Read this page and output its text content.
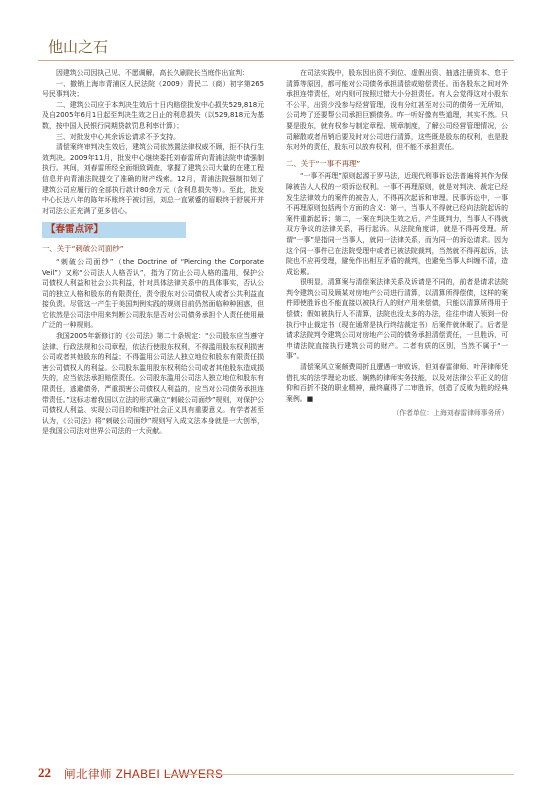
他山之石

因建筑公司因执己见、不愿调解，高长久刷院长当庭作出宣判：

一、撤销上海市青浦区人民法院（2009）青民二（商）初字第265号民事判决；

二、建筑公司应于本判决生效后十日内赔偿批发中心损失529,818元及自2005年6月1日起至判决生效之日止的利息损失（以529,818元为基数，按中国人民银行同期贷款罚息利率计算）；

三、对批发中心其余诉讼请求不予支持。

清偿案终审判决生效后，建筑公司依然置法律权威不顾，拒不执行生效判决。2009年11月，批发中心继续委托刘春雷所向青浦法院申请强制执行。其间，刘春雷所经全面细致调查，掌握了建筑公司大量的在建工程信息并向青浦法院提交了准确的财产线索。12月，青浦法院强制扣划了建筑公司应履行的全部执行款计80余万元（含利息损失等）。至此，批发中心长达八年的陈年坏账终于被讨回，刘总一直紧蹙的眉眼终于舒展开并对司法公正充满了更多信心。

【春雷点评】
一、关于“刺破公司面纱”

“刺破公司面纱”（the Doctrine of “Piercing the Corporate Veil”）又称“公司法人人格否认”，指为了防止公司人格的滥用，保护公司债权人利益和社会公共利益，针对具体法律关系中的具体事实，否认公司的独立人格和股东的有限责任，责令股东对公司债权人或者公共利益直接负责。尽管这一产生于美国判例实践的规则目前仍然面临种种困惑，但它依然是公司法中用来判断公司股东是否对公司债务承担个人责任使用最广泛的一种规则。

我国2005年新修订的《公司法》第二十条规定：“公司股东应当遵守法律、行政法规和公司章程，依法行使股东权利，不得滥用股东权利损害公司或者其他股东的利益；不得滥用公司法人独立地位和股东有限责任损害公司债权人的利益。公司股东滥用股东权利给公司或者其他股东造成损失的，应当依法承担赔偿责任。公司股东滥用公司法人独立地位和股东有限责任，逃避债务，严重损害公司债权人利益的，应当对公司债务承担连带责任。”这标志着我国以立法的形式确立“刺破公司面纱”规则，对保护公司债权人利益、实现公司目的和维护社会正义具有重要意义。有学者甚至认为，《公司法》将“刺破公司面纱”规则写入成文法本身就是一大创举，是我国公司法对世界公司法的一大贡献。

在司法实践中，股东因出资不到位、虚假出资、抽逃注册资本、怠于清算等原因，都可能对公司债务承担清偿或赔偿责任。而各股东之间对外承担连带责任，对内则可按照过错大小分担责任。有人会觉得这对小股东不公平，出资少没参与经营管理，没有分红甚至对公司的债务一无所知，公司垮了还要帮公司承担巨额债务。咋一听好像有些道理，其实不然。只要是股东，就有权参与制定章程、规章制度，了解公司经营管理情况，公司解散或者吊销后要及时对公司进行清算，这些既是股东的权利，也是股东对外的责任，股东可以放弃权利，但不能不承担责任。

二、关于“一事不再理”

“一事不再理”原则起源于罗马法，近现代刑事诉讼法普遍将其作为保障被告人人权的一项诉讼权利。一事不再理原则，就是对判决、裁定已经发生法律效力的案件的被告人，不得再次起诉和审理。民事诉讼中，一事不再理原则包括两个方面的含义：第一，当事人不得就已经向法院起诉的案件重新起诉；第二，一案在判决生效之后，产生既判力，当事人不得就双方争议的法律关系，再行起诉。从法院角度讲，就是不得再受理。所谓“一事”是指同一当事人，就同一法律关系，而为同一的诉讼请求。因为这个同一事件已在法院受理中或者已被法院裁判，当然就不得再起诉，法院也不应再受理，避免作出相互矛盾的裁判，也避免当事人纠缠不清，造成讼累。

很明显，清算案与清偿案法律关系及诉请是不同的，前者是请求法院判令建筑公司及顾某对房地产公司进行清算，以清算所得偿债，这样的案件即使胜诉也不能直接以被执行人的财产用来偿债，只能以清算所得用于偿债；假如被执行人不清算，法院也没太多的办法，往往申请人领到一份执行中止裁定书（现在通常是执行终结裁定书）后案件就休眠了。后者是请求法院判令建筑公司对房地产公司的债务承担清偿责任，一旦胜诉，可申请法院直接执行建筑公司的财产。二者有质的区别，当然不属于“一事”。

清偿案风立案颇费周折且遭遇一审败诉，但刘春雷律师、叶萍律师凭借扎实的法学理论功底、娴熟的律师实务技能，以及对法律公平正义的信仰和百折不挠的职业精神，最终赢得了二审胜诉，创造了反败为胜的经典案例。■

（作者单位：上海刘春雷律师事务所）
22 闸北律师 ZHABEI LAWYERS
